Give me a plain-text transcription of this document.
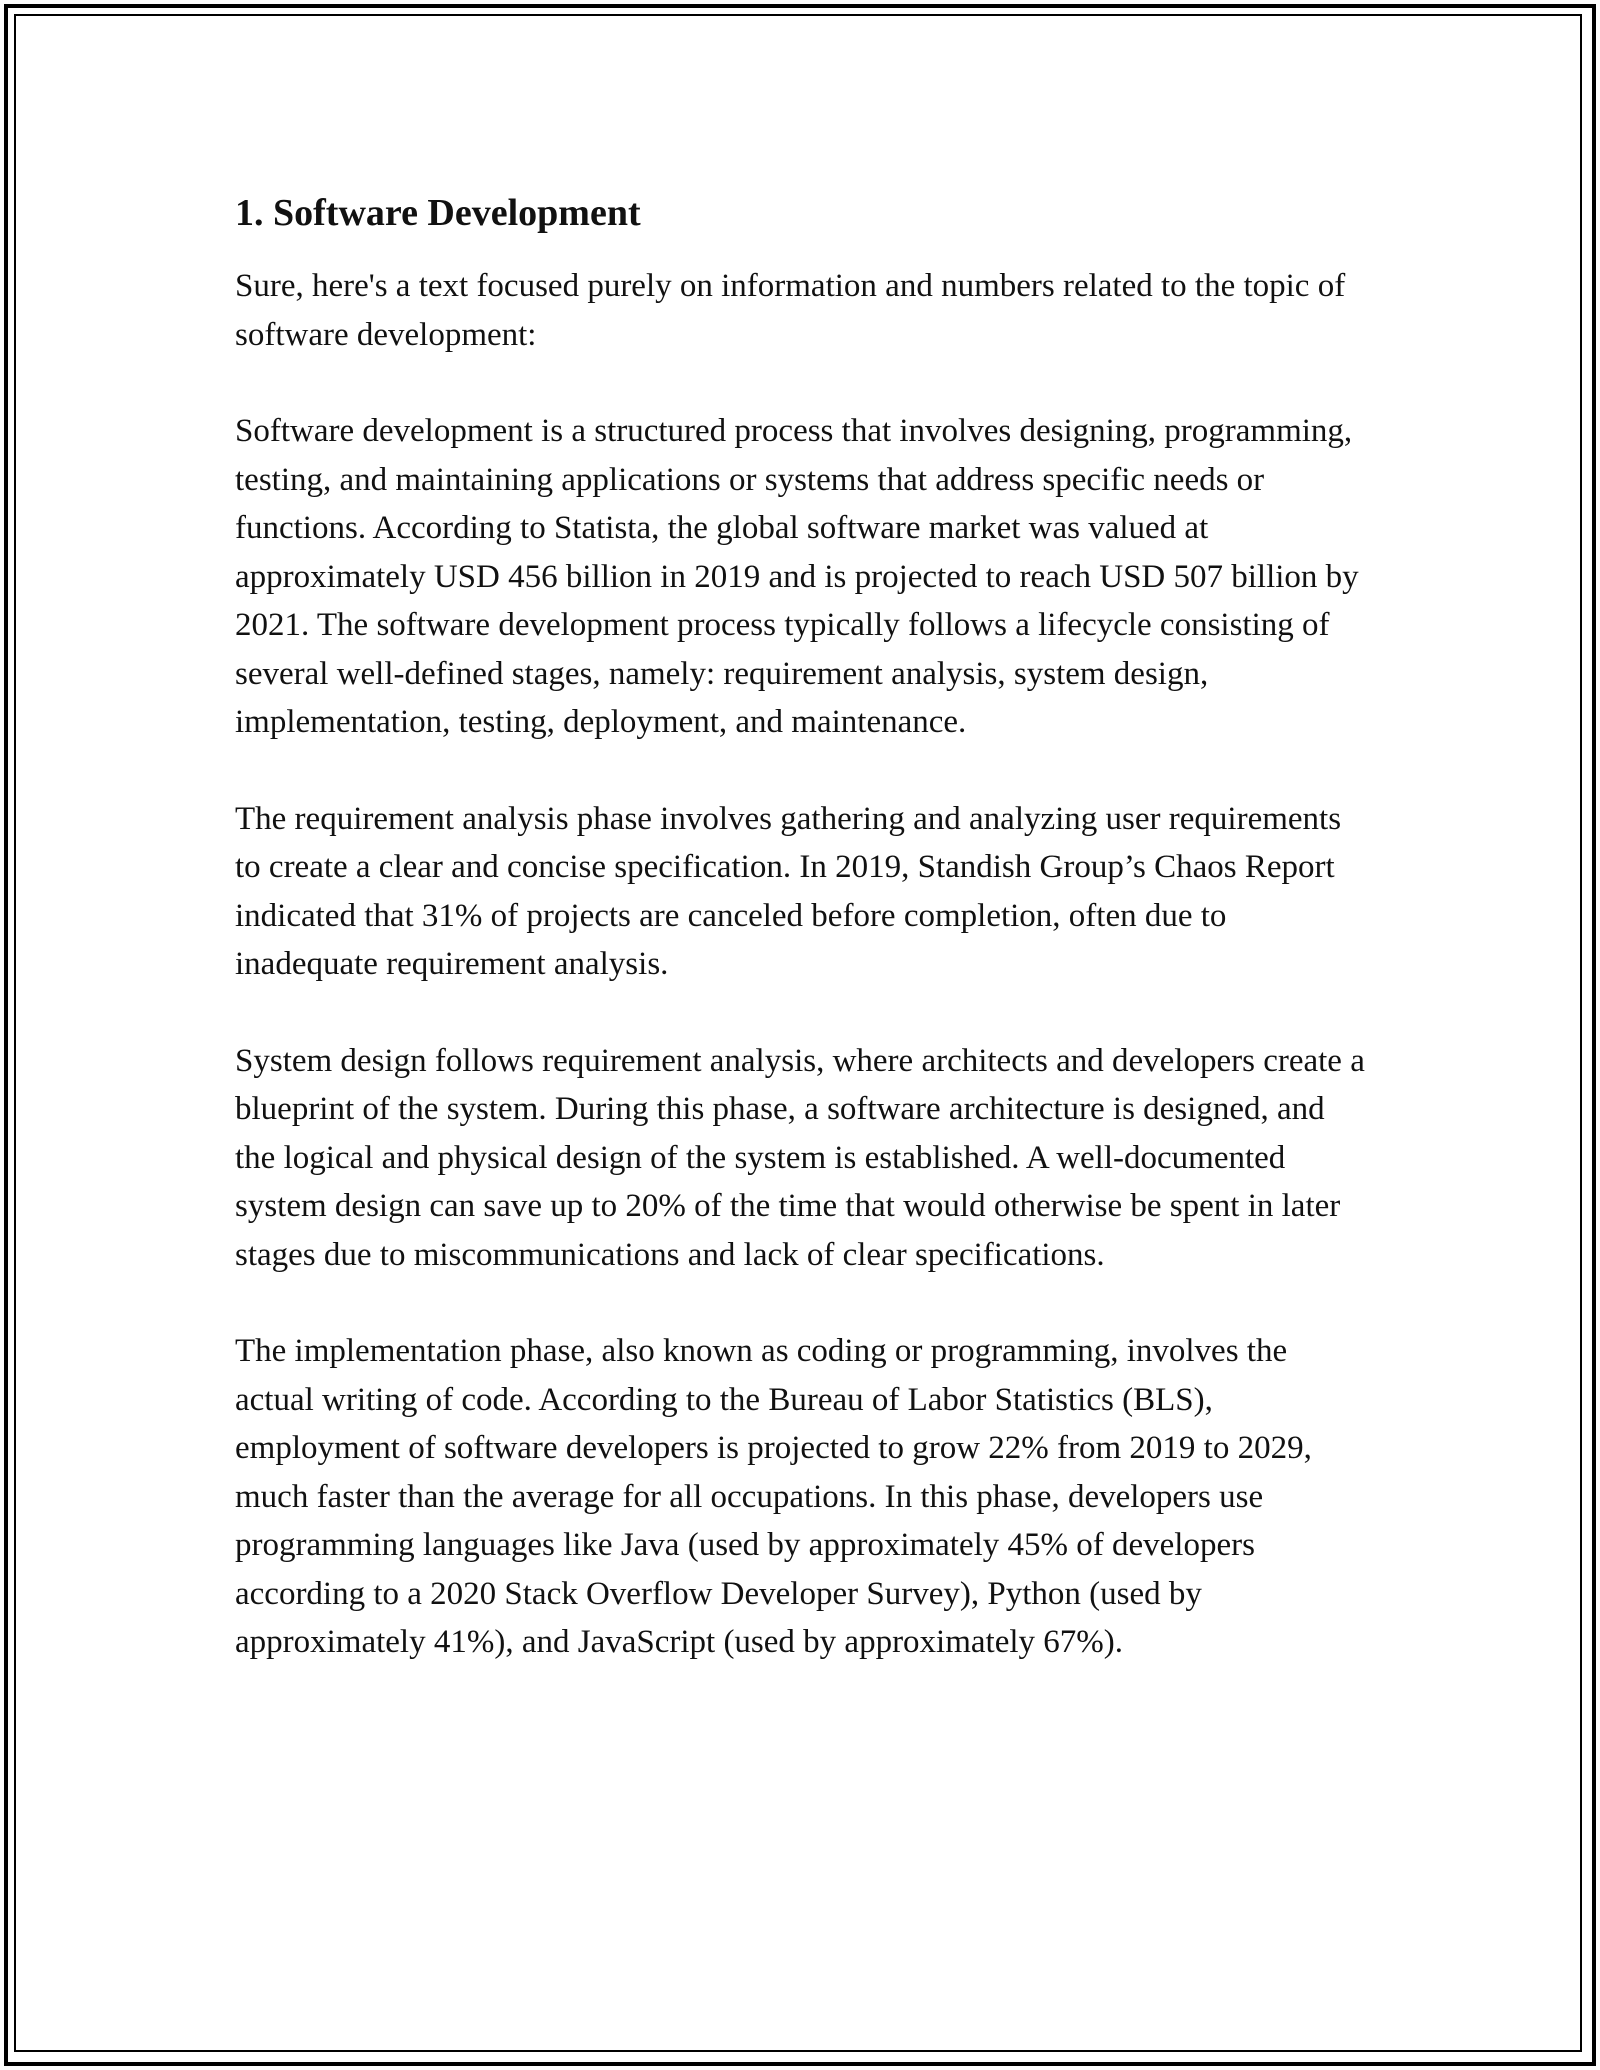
1. Software Development

Sure, here's a text focused purely on information and numbers related to the topic of software development:

Software development is a structured process that involves designing, programming, testing, and maintaining applications or systems that address specific needs or functions. According to Statista, the global software market was valued at approximately USD 456 billion in 2019 and is projected to reach USD 507 billion by 2021. The software development process typically follows a lifecycle consisting of several well-defined stages, namely: requirement analysis, system design, implementation, testing, deployment, and maintenance.

The requirement analysis phase involves gathering and analyzing user requirements to create a clear and concise specification. In 2019, Standish Group’s Chaos Report indicated that 31% of projects are canceled before completion, often due to inadequate requirement analysis.

System design follows requirement analysis, where architects and developers create a blueprint of the system. During this phase, a software architecture is designed, and the logical and physical design of the system is established. A well-documented system design can save up to 20% of the time that would otherwise be spent in later stages due to miscommunications and lack of clear specifications.

The implementation phase, also known as coding or programming, involves the actual writing of code. According to the Bureau of Labor Statistics (BLS), employment of software developers is projected to grow 22% from 2019 to 2029, much faster than the average for all occupations. In this phase, developers use programming languages like Java (used by approximately 45% of developers according to a 2020 Stack Overflow Developer Survey), Python (used by approximately 41%), and JavaScript (used by approximately 67%).
